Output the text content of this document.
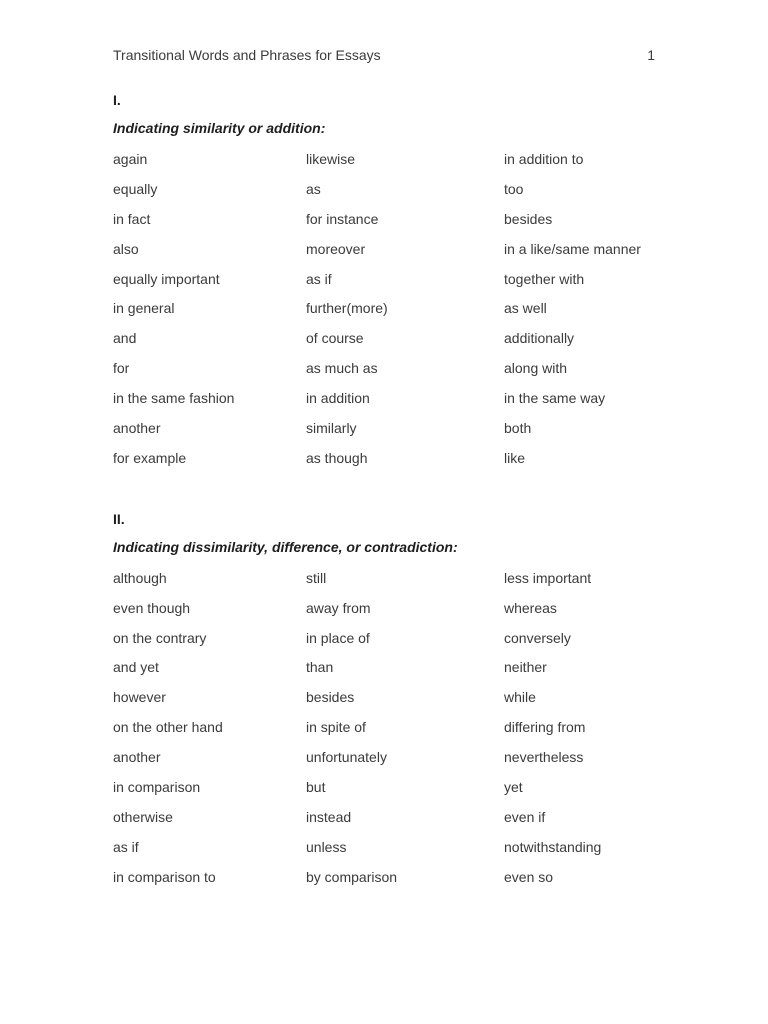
Transitional Words and Phrases for Essays	1
I.
Indicating similarity or addition:
again	likewise	in addition to
equally	as	too
in fact	for instance	besides
also	moreover	in a like/same manner
equally important	as if	together with
in general	further(more)	as well
and	of course	additionally
for	as much as	along with
in the same fashion	in addition	in the same way
another	similarly	both
for example	as though	like
II.
Indicating dissimilarity, difference, or contradiction:
although	still	less important
even though	away from	whereas
on the contrary	in place of	conversely
and yet	than	neither
however	besides	while
on the other hand	in spite of	differing from
another	unfortunately	nevertheless
in comparison	but	yet
otherwise	instead	even if
as if	unless	notwithstanding
in comparison to	by comparison	even so
